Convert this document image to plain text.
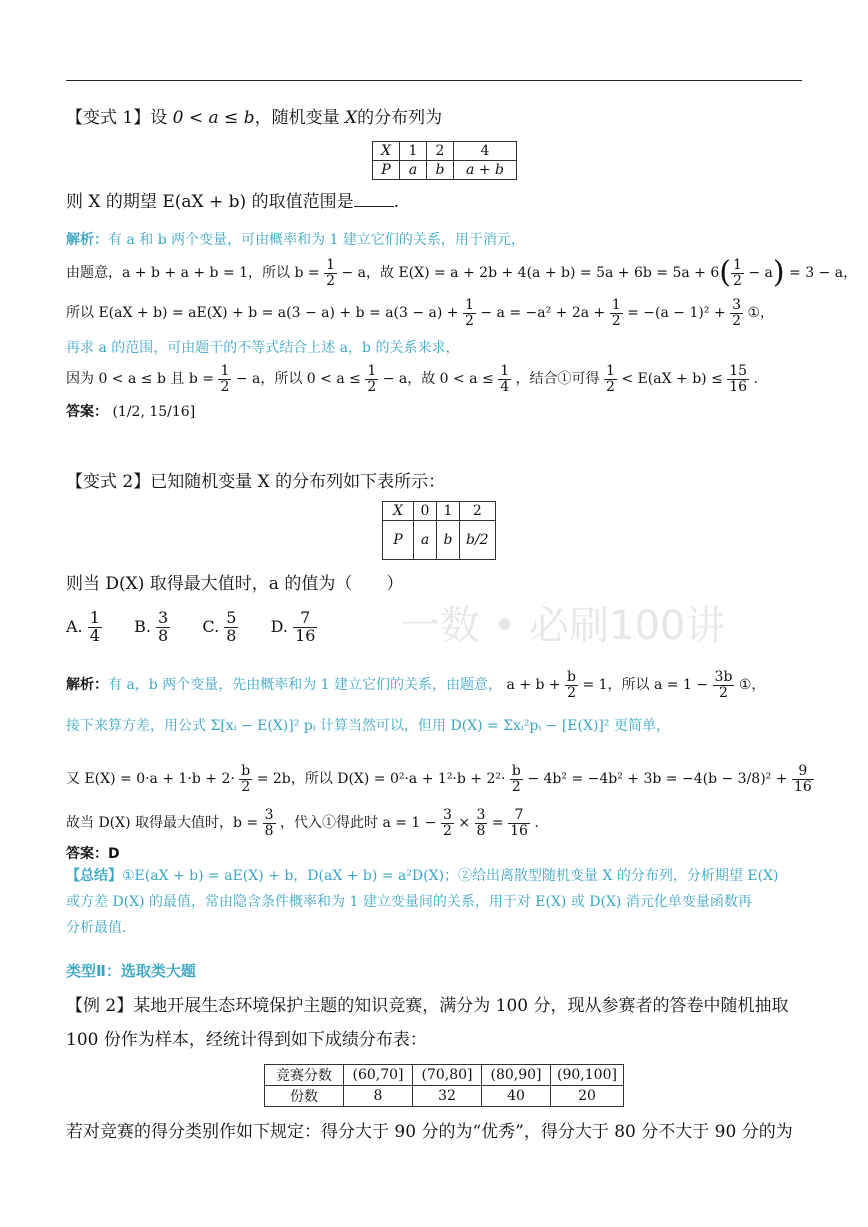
一数 • 必刷100讲
【变式 1】设 0 < a ≤ b，随机变量 X的分布列为
X	1	2	4
P	a	b	a + b
则 X 的期望 E(aX + b) 的取值范围是 .
解析：有 a 和 b 两个变量，可由概率和为 1 建立它们的关系，用于消元，
由题意，a + b + a + b = 1，所以 $b = \frac{1}{2} - a$，故 $E(X) = a + 2b + 4(a + b) = 5a + 6b = 5a + 6( \frac{1}{2} - a) = 3 - a$，
所以 $E(aX + b) = aE(X) + b = a(3 - a) + b = a(3 - a) + \frac{1}{2} - a = -a^2 + 2a + \frac{1}{2} = -(a - 1)^2 + \frac{3}{2}$ ①，
再求 a 的范围，可由题干的不等式结合上述 a，b 的关系来求，
因为 0 < a ≤ b 且 $b = \frac{1}{2} - a$，所以 $0 < a \le \frac{1}{2} - a$，故 $0 < a \le \frac{1}{4}$ ，结合①可得 $\frac{1}{2} < E(aX + b) \le \frac{15}{16}$ .
答案： (1/2, 15/16]
【变式 2】已知随机变量 X 的分布列如下表所示：
X	0	1	2
P	a	b	b/2
则当 D(X) 取得最大值时，a 的值为（　　）
A. $\frac{1}{4} B$. $\frac{3}{8} C$. $\frac{5}{8} D$. $\frac{7}{16}$
解析：有 a，b 两个变量，先由概率和为 1 建立它们的关系，由题意， $a + b + \frac{b}{2} = 1$，所以 $a = 1 - \frac{3b}{2}$ ①，
接下来算方差，用公式 Σ[xᵢ − E(X)]² pᵢ 计算当然可以，但用 D(X) = Σxᵢ²pᵢ − [E(X)]² 更简单，
又 $E(X) = 0\cdot a + 1\cdot b + 2\cdot \frac{b}{2} = 2b$，所以 $D(X) = 0^2\cdot a + 1^2\cdot b + 2^2\cdot \frac{b}{2} - 4b^2 = -4b^2 + 3b = -4(b - 3/8)^2 + \frac{9}{16}$
故当 D(X) 取得最大值时，$b = \frac{3}{8}$ ，代入①得此时 $a = 1 - \frac{3}{2} \times \frac{3}{8} = \frac{7}{16}$ .
答案：D
【总结】①E(aX + b) = aE(X) + b，D(aX + b) = a²D(X)；②给出离散型随机变量 X 的分布列，分析期望 E(X)
或方差 D(X) 的最值，常由隐含条件概率和为 1 建立变量间的关系，用于对 E(X) 或 D(X) 消元化单变量函数再
分析最值.
类型Ⅱ：选取类大题
【例 2】某地开展生态环境保护主题的知识竞赛，满分为 100 分，现从参赛者的答卷中随机抽取
100 份作为样本，经统计得到如下成绩分布表：
竞赛分数	(60,70]	(70,80]	(80,90]	(90,100]
份数	8	32	40	20
若对竞赛的得分类别作如下规定：得分大于 90 分的为“优秀”，得分大于 80 分不大于 90 分的为
